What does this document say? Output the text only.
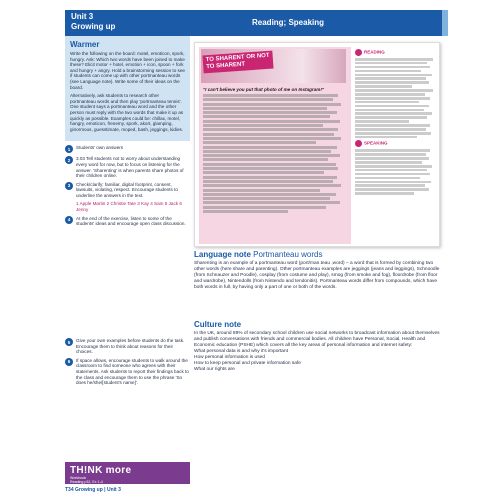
Unit 3
Growing up
Warmer

Write the following on the board: motel, emoticon, spork, hungry. Ask: Which two words have been joined to make these? Elicit motor + hotel, emotion + icon, spoon + fork and hungry + angry. Hold a brainstorming session to see if students can come up with other portmanteau words (see Language note). Write some of their ideas on the board.

Alternatively, ask students to research other portmanteau words and then play 'portmanteau tennis'. One student says a portmanteau word and the other person must reply with the two words that make it up as quickly as possible. Examples could be: chillax, motel, hangry, emoticon, frenemy, spork, akort, glamping, ginormous, guesstimate, moped, bash, jeggings, kidies.

1	Students' own answers
2	3.03 Tell students not to worry about understanding every word for now, but to focus on listening for the answer. 'Sharenting' is when parents share photos of their children online.
3	Check/clarify: familiar, digital footprint, consent, lawsuits, violating, respect. Encourage students to underline the answers in the text.
1 Apple Martin 2 Christie Tate 3 Kay 4 Sam 5 Jack 6 Jenny
4	At the end of the exercise, listen to some of the students' ideas and encourage open class discussion.
5	Give your own examples before students do the task. Encourage them to think about reasons for their choices.
6	If space allows, encourage students to walk around the classroom to find someone who agrees with their statements. Ask students to report their findings back to the class and encourage them to use the phrase 'So does he/she/[student's name]'.
TH!NK more
Workbook
Reading p32, Ex 1-4
T34 Growing up | Unit 3
Reading; Speaking
TO SHARENT OR NOT TO SHARENT
"I can't believe you put that photo of me on Instagram!"
READING
SPEAKING
Language note Portmanteau words
Sharenting is an example of a portmanteau word (port/man.teau ,word) – a word that is formed by combining two other words (here share and parenting). Other portmanteau examples are jeggings (jeans and leggings), Schnoodle (from Schnauzer and Poodle), cosplay (from costume and play), smog (from smoke and fog), floordrobe (from floor and wardrobe), Nintendolls (from Nintendo and tendonitis). Portmanteau words differ from compounds, which have both words in full, by having only a part of one or both of the words.
Culture note
In the UK, around 89% of secondary school children use social networks to broadcast information about themselves and publish conversations with friends and commercial bodies. All children have Personal, Social, Health and Economic education (PSHE) which covers all the key areas of personal information and internet safety:
What personal data is and why it's important
How personal information is used
How to keep personal and private information safe
What our rights are
